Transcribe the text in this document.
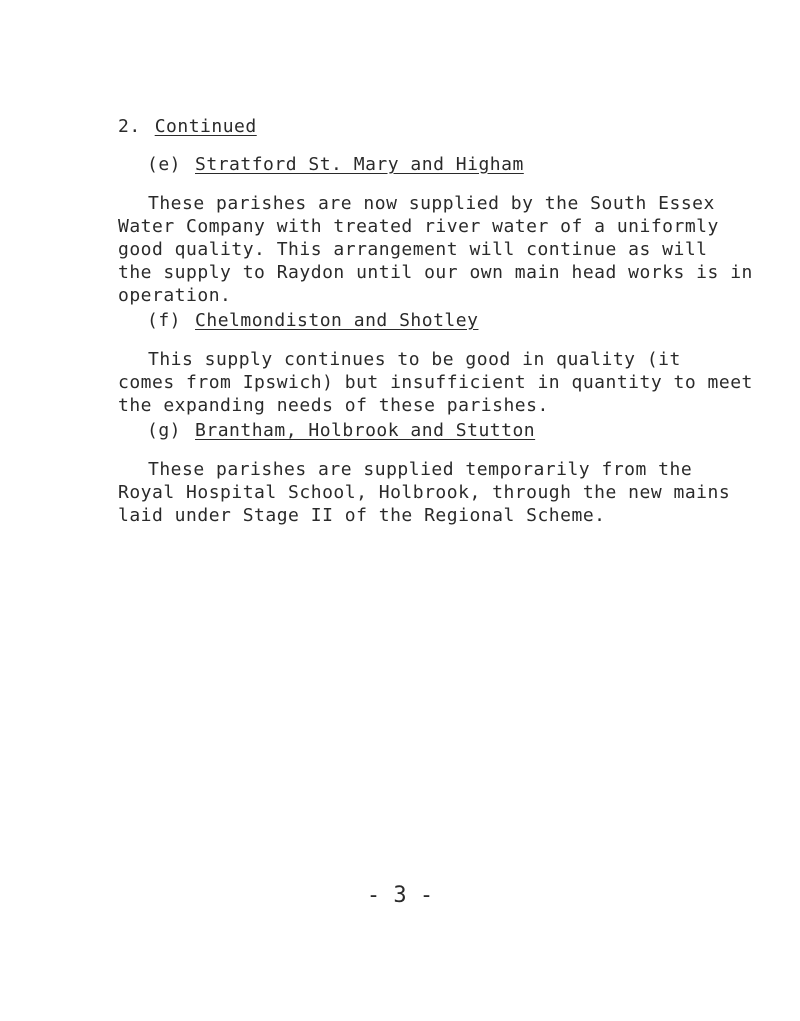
2. Continued
(e) Stratford St. Mary and Higham

These parishes are now supplied by the South Essex
Water Company with treated river water of a uniformly
good quality. This arrangement will continue as will
the supply to Raydon until our own main head works is in
operation.

(f) Chelmondiston and Shotley

This supply continues to be good in quality (it
comes from Ipswich) but insufficient in quantity to meet
the expanding needs of these parishes.

(g) Brantham, Holbrook and Stutton

These parishes are supplied temporarily from the
Royal Hospital School, Holbrook, through the new mains
laid under Stage II of the Regional Scheme.

- 3 -
